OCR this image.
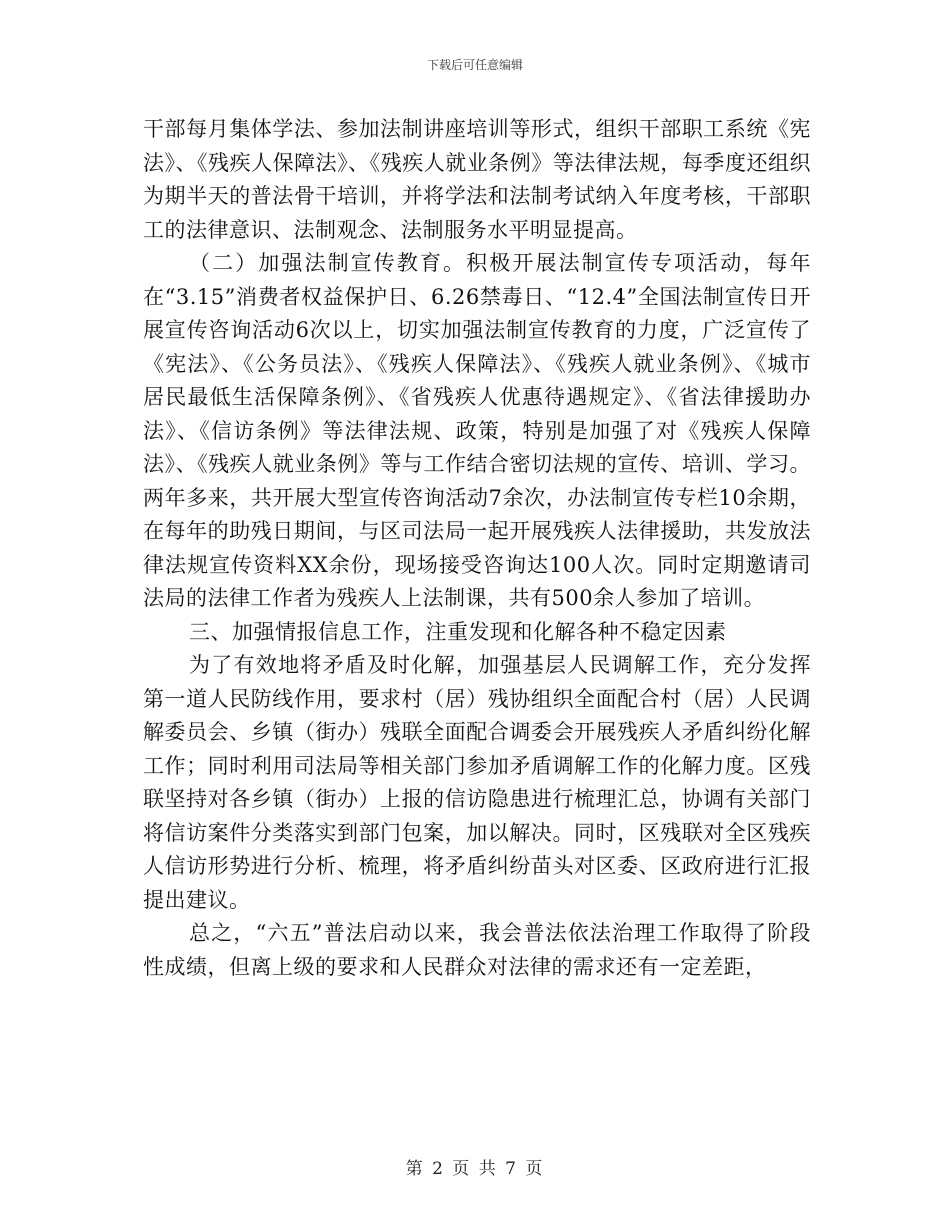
下载后可任意编辑

干部每月集体学法、参加法制讲座培训等形式，组织干部职工系统《宪法》、《残疾人保障法》、《残疾人就业条例》等法律法规，每季度还组织为期半天的普法骨干培训，并将学法和法制考试纳入年度考核，干部职工的法律意识、法制观念、法制服务水平明显提高。

（二）加强法制宣传教育。积极开展法制宣传专项活动，每年在“3.15”消费者权益保护日、6.26禁毒日、“12.4”全国法制宣传日开展宣传咨询活动6次以上，切实加强法制宣传教育的力度，广泛宣传了《宪法》、《公务员法》、《残疾人保障法》、《残疾人就业条例》、《城市居民最低生活保障条例》、《省残疾人优惠待遇规定》、《省法律援助办法》、《信访条例》等法律法规、政策，特别是加强了对《残疾人保障法》、《残疾人就业条例》等与工作结合密切法规的宣传、培训、学习。两年多来，共开展大型宣传咨询活动7余次，办法制宣传专栏10余期，在每年的助残日期间，与区司法局一起开展残疾人法律援助，共发放法律法规宣传资料XX余份，现场接受咨询达100人次。同时定期邀请司法局的法律工作者为残疾人上法制课，共有500余人参加了培训。

三、加强情报信息工作，注重发现和化解各种不稳定因素

为了有效地将矛盾及时化解，加强基层人民调解工作，充分发挥第一道人民防线作用，要求村（居）残协组织全面配合村（居）人民调解委员会、乡镇（街办）残联全面配合调委会开展残疾人矛盾纠纷化解工作；同时利用司法局等相关部门参加矛盾调解工作的化解力度。区残联坚持对各乡镇（街办）上报的信访隐患进行梳理汇总，协调有关部门将信访案件分类落实到部门包案，加以解决。同时，区残联对全区残疾人信访形势进行分析、梳理，将矛盾纠纷苗头对区委、区政府进行汇报提出建议。

总之，“六五”普法启动以来，我会普法依法治理工作取得了阶段性成绩，但离上级的要求和人民群众对法律的需求还有一定差距，

第 2 页 共 7 页
